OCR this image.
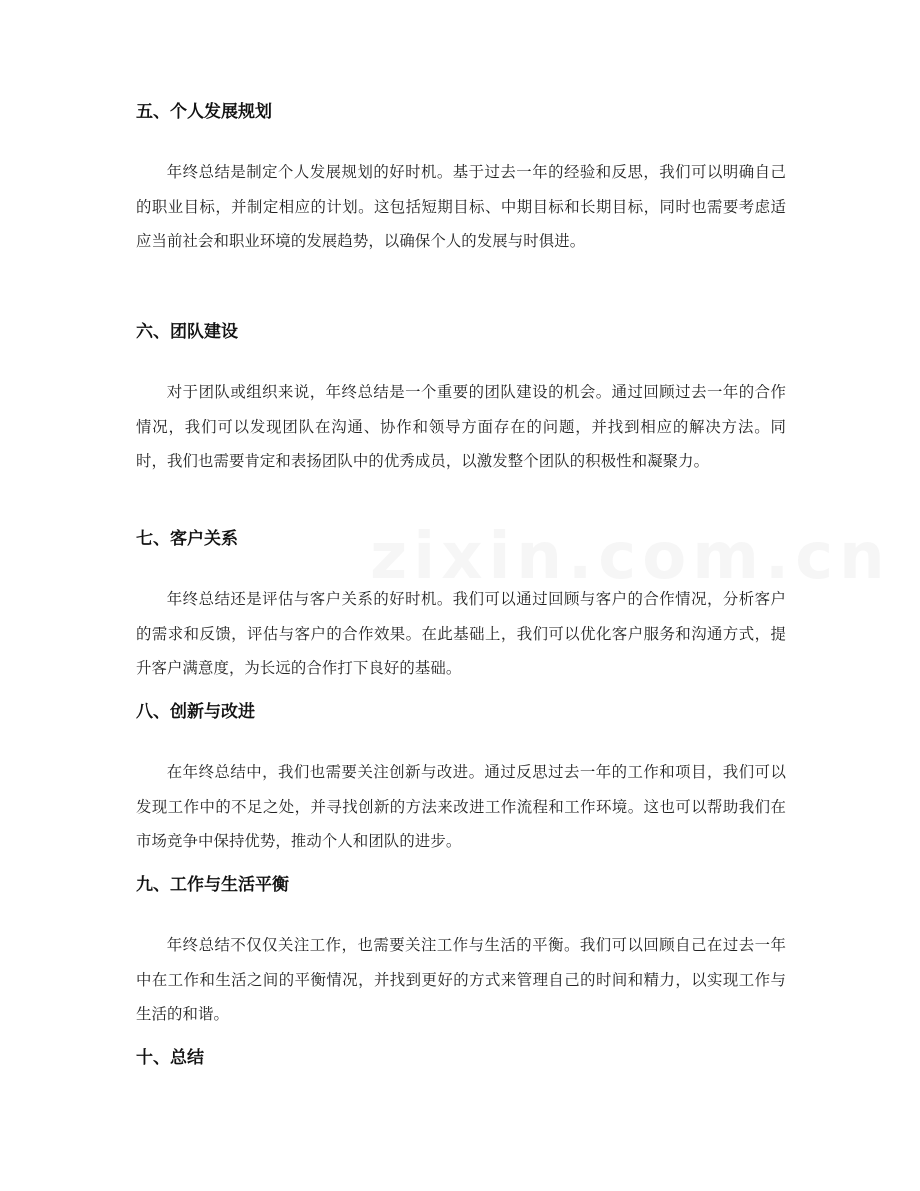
zixin.com.cn
五、个人发展规划

年终总结是制定个人发展规划的好时机。基于过去一年的经验和反思，我们可以明确自己的职业目标，并制定相应的计划。这包括短期目标、中期目标和长期目标，同时也需要考虑适应当前社会和职业环境的发展趋势，以确保个人的发展与时俱进。

六、团队建设

对于团队或组织来说，年终总结是一个重要的团队建设的机会。通过回顾过去一年的合作情况，我们可以发现团队在沟通、协作和领导方面存在的问题，并找到相应的解决方法。同时，我们也需要肯定和表扬团队中的优秀成员，以激发整个团队的积极性和凝聚力。

七、客户关系

年终总结还是评估与客户关系的好时机。我们可以通过回顾与客户的合作情况，分析客户的需求和反馈，评估与客户的合作效果。在此基础上，我们可以优化客户服务和沟通方式，提升客户满意度，为长远的合作打下良好的基础。

八、创新与改进

在年终总结中，我们也需要关注创新与改进。通过反思过去一年的工作和项目，我们可以发现工作中的不足之处，并寻找创新的方法来改进工作流程和工作环境。这也可以帮助我们在市场竞争中保持优势，推动个人和团队的进步。

九、工作与生活平衡

年终总结不仅仅关注工作，也需要关注工作与生活的平衡。我们可以回顾自己在过去一年中在工作和生活之间的平衡情况，并找到更好的方式来管理自己的时间和精力，以实现工作与生活的和谐。

十、总结
